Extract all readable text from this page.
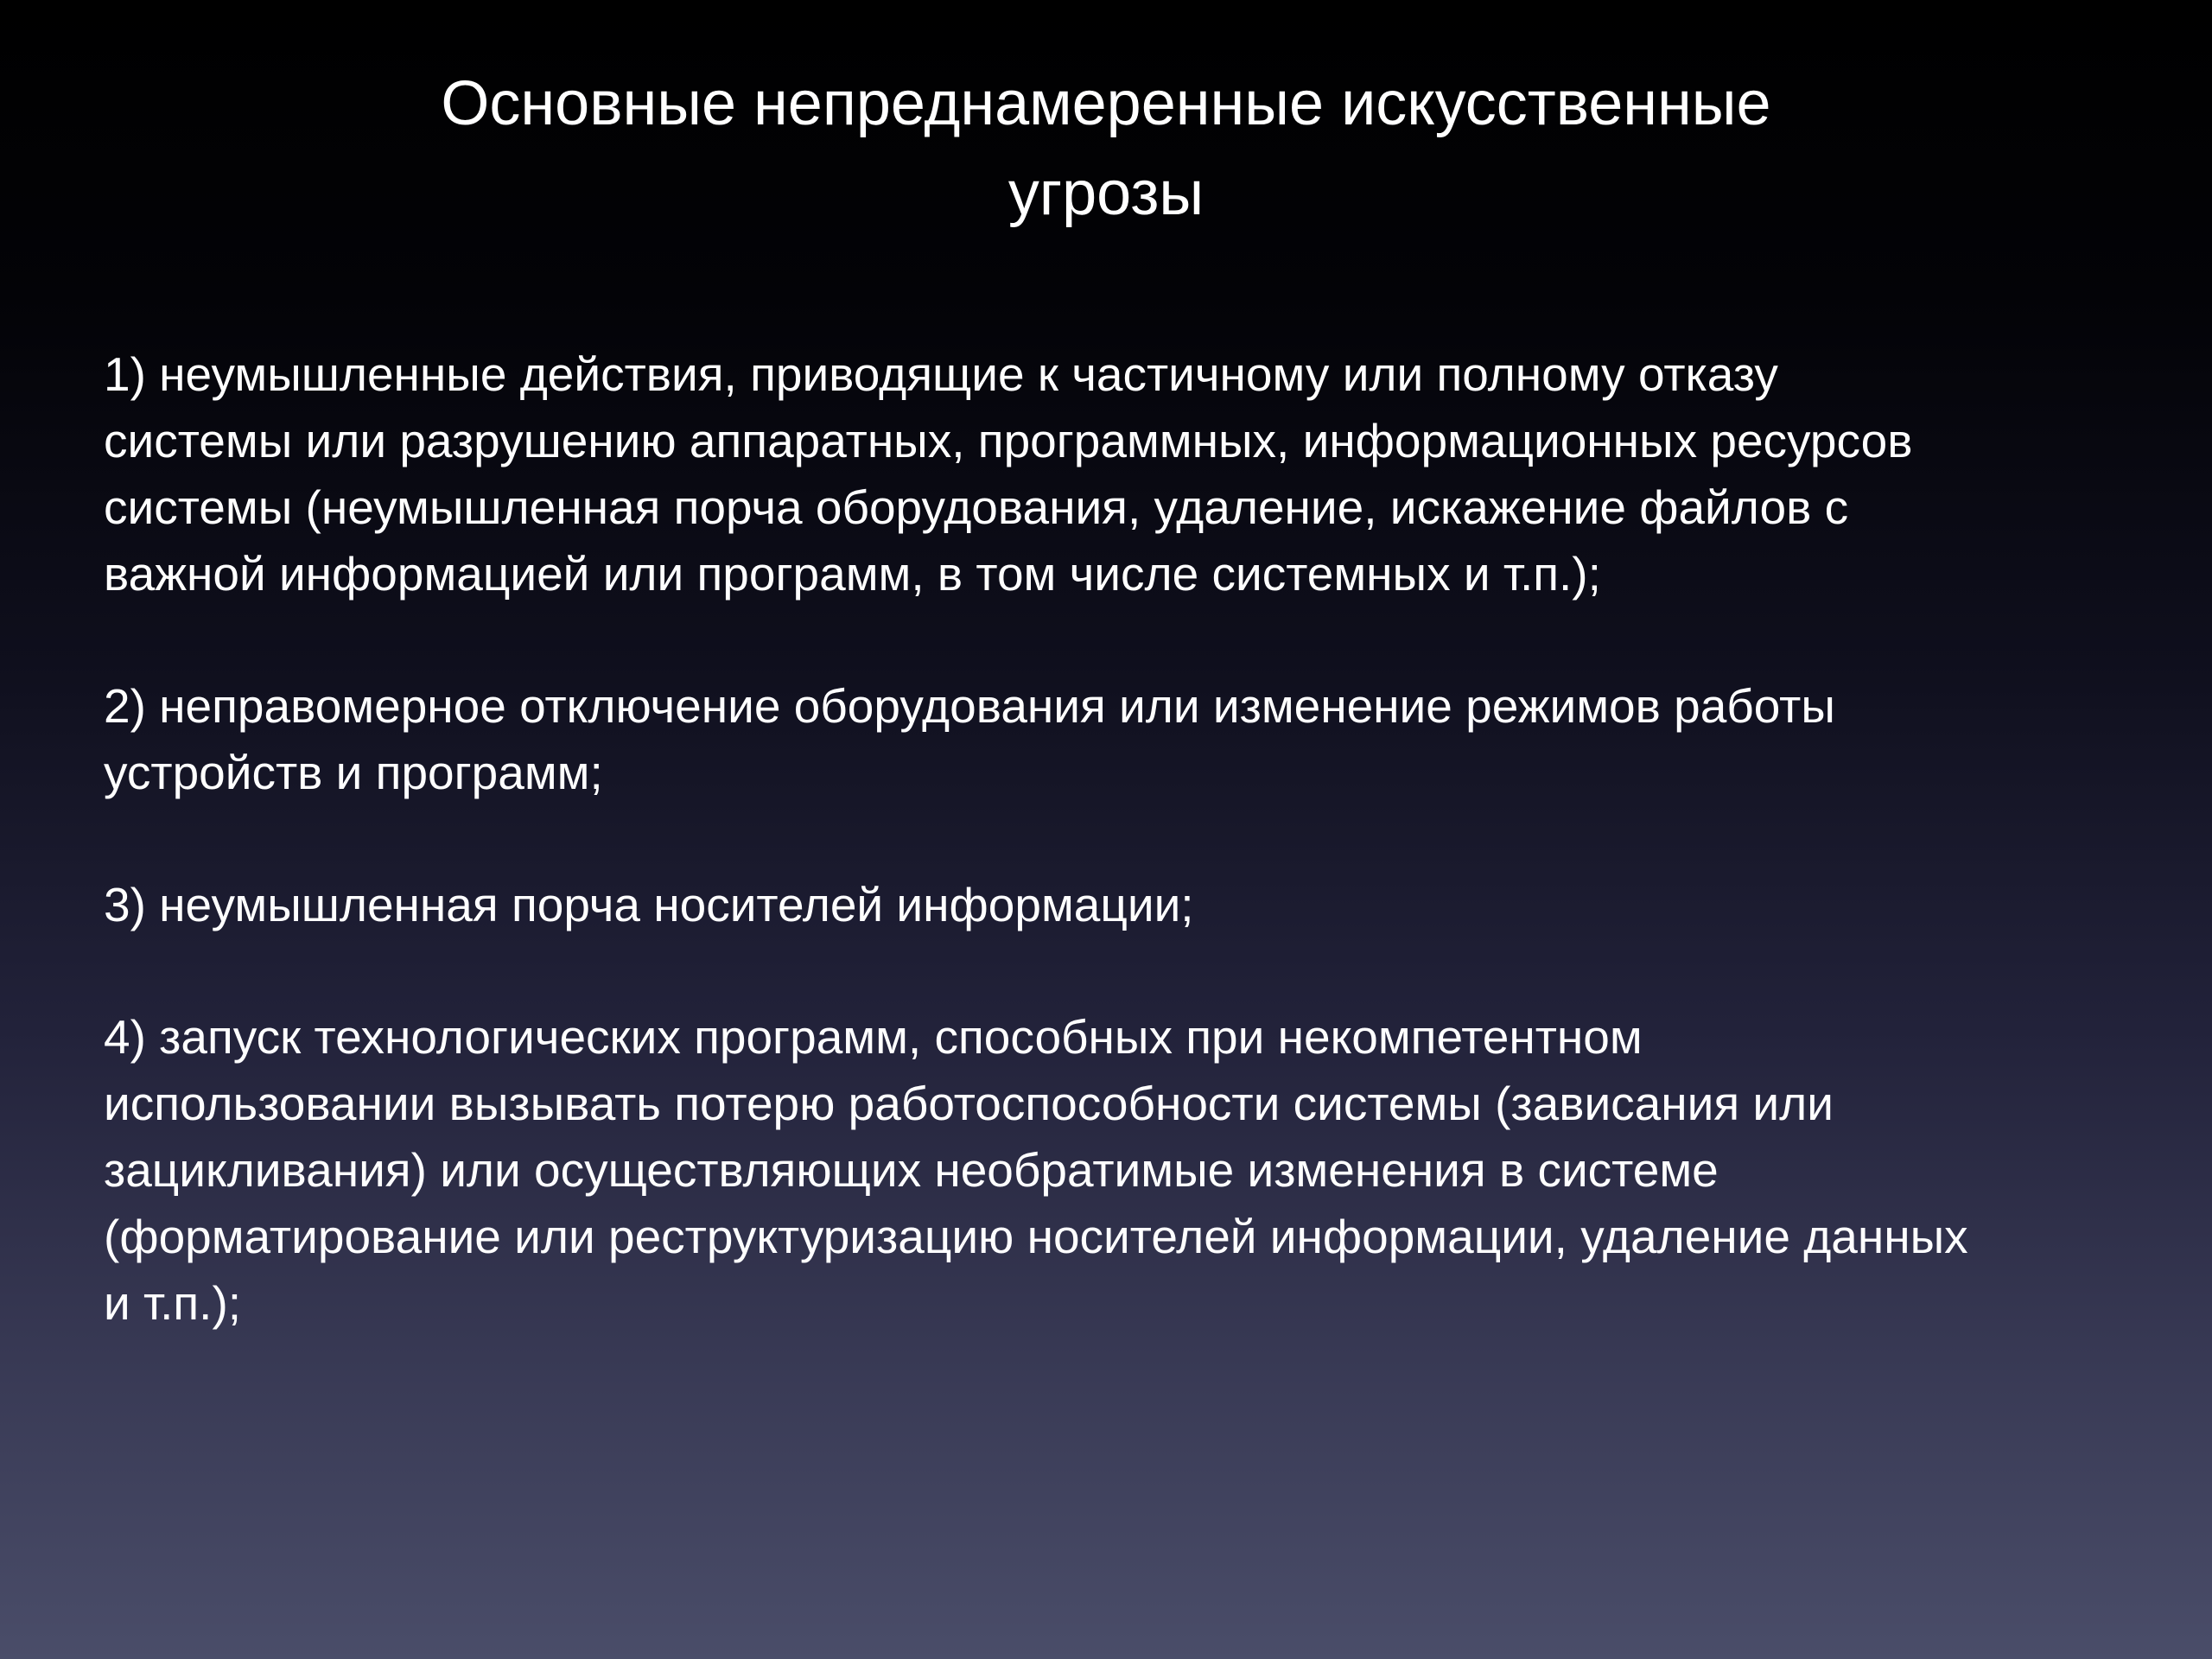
Основные непреднамеренные искусственные
угрозы
1) неумышленные действия, приводящие к частичному или полному отказу
системы или разрушению аппаратных, программных, информационных ресурсов
системы (неумышленная порча оборудования, удаление, искажение файлов с
важной информацией или программ, в том числе системных и т.п.);
2) неправомерное отключение оборудования или изменение режимов работы
устройств и программ;
3) неумышленная порча носителей информации;
4) запуск технологических программ, способных при некомпетентном
использовании вызывать потерю работоспособности системы (зависания или
зацикливания) или осуществляющих необратимые изменения в системе
(форматирование или реструктуризацию носителей информации, удаление данных
и т.п.);
